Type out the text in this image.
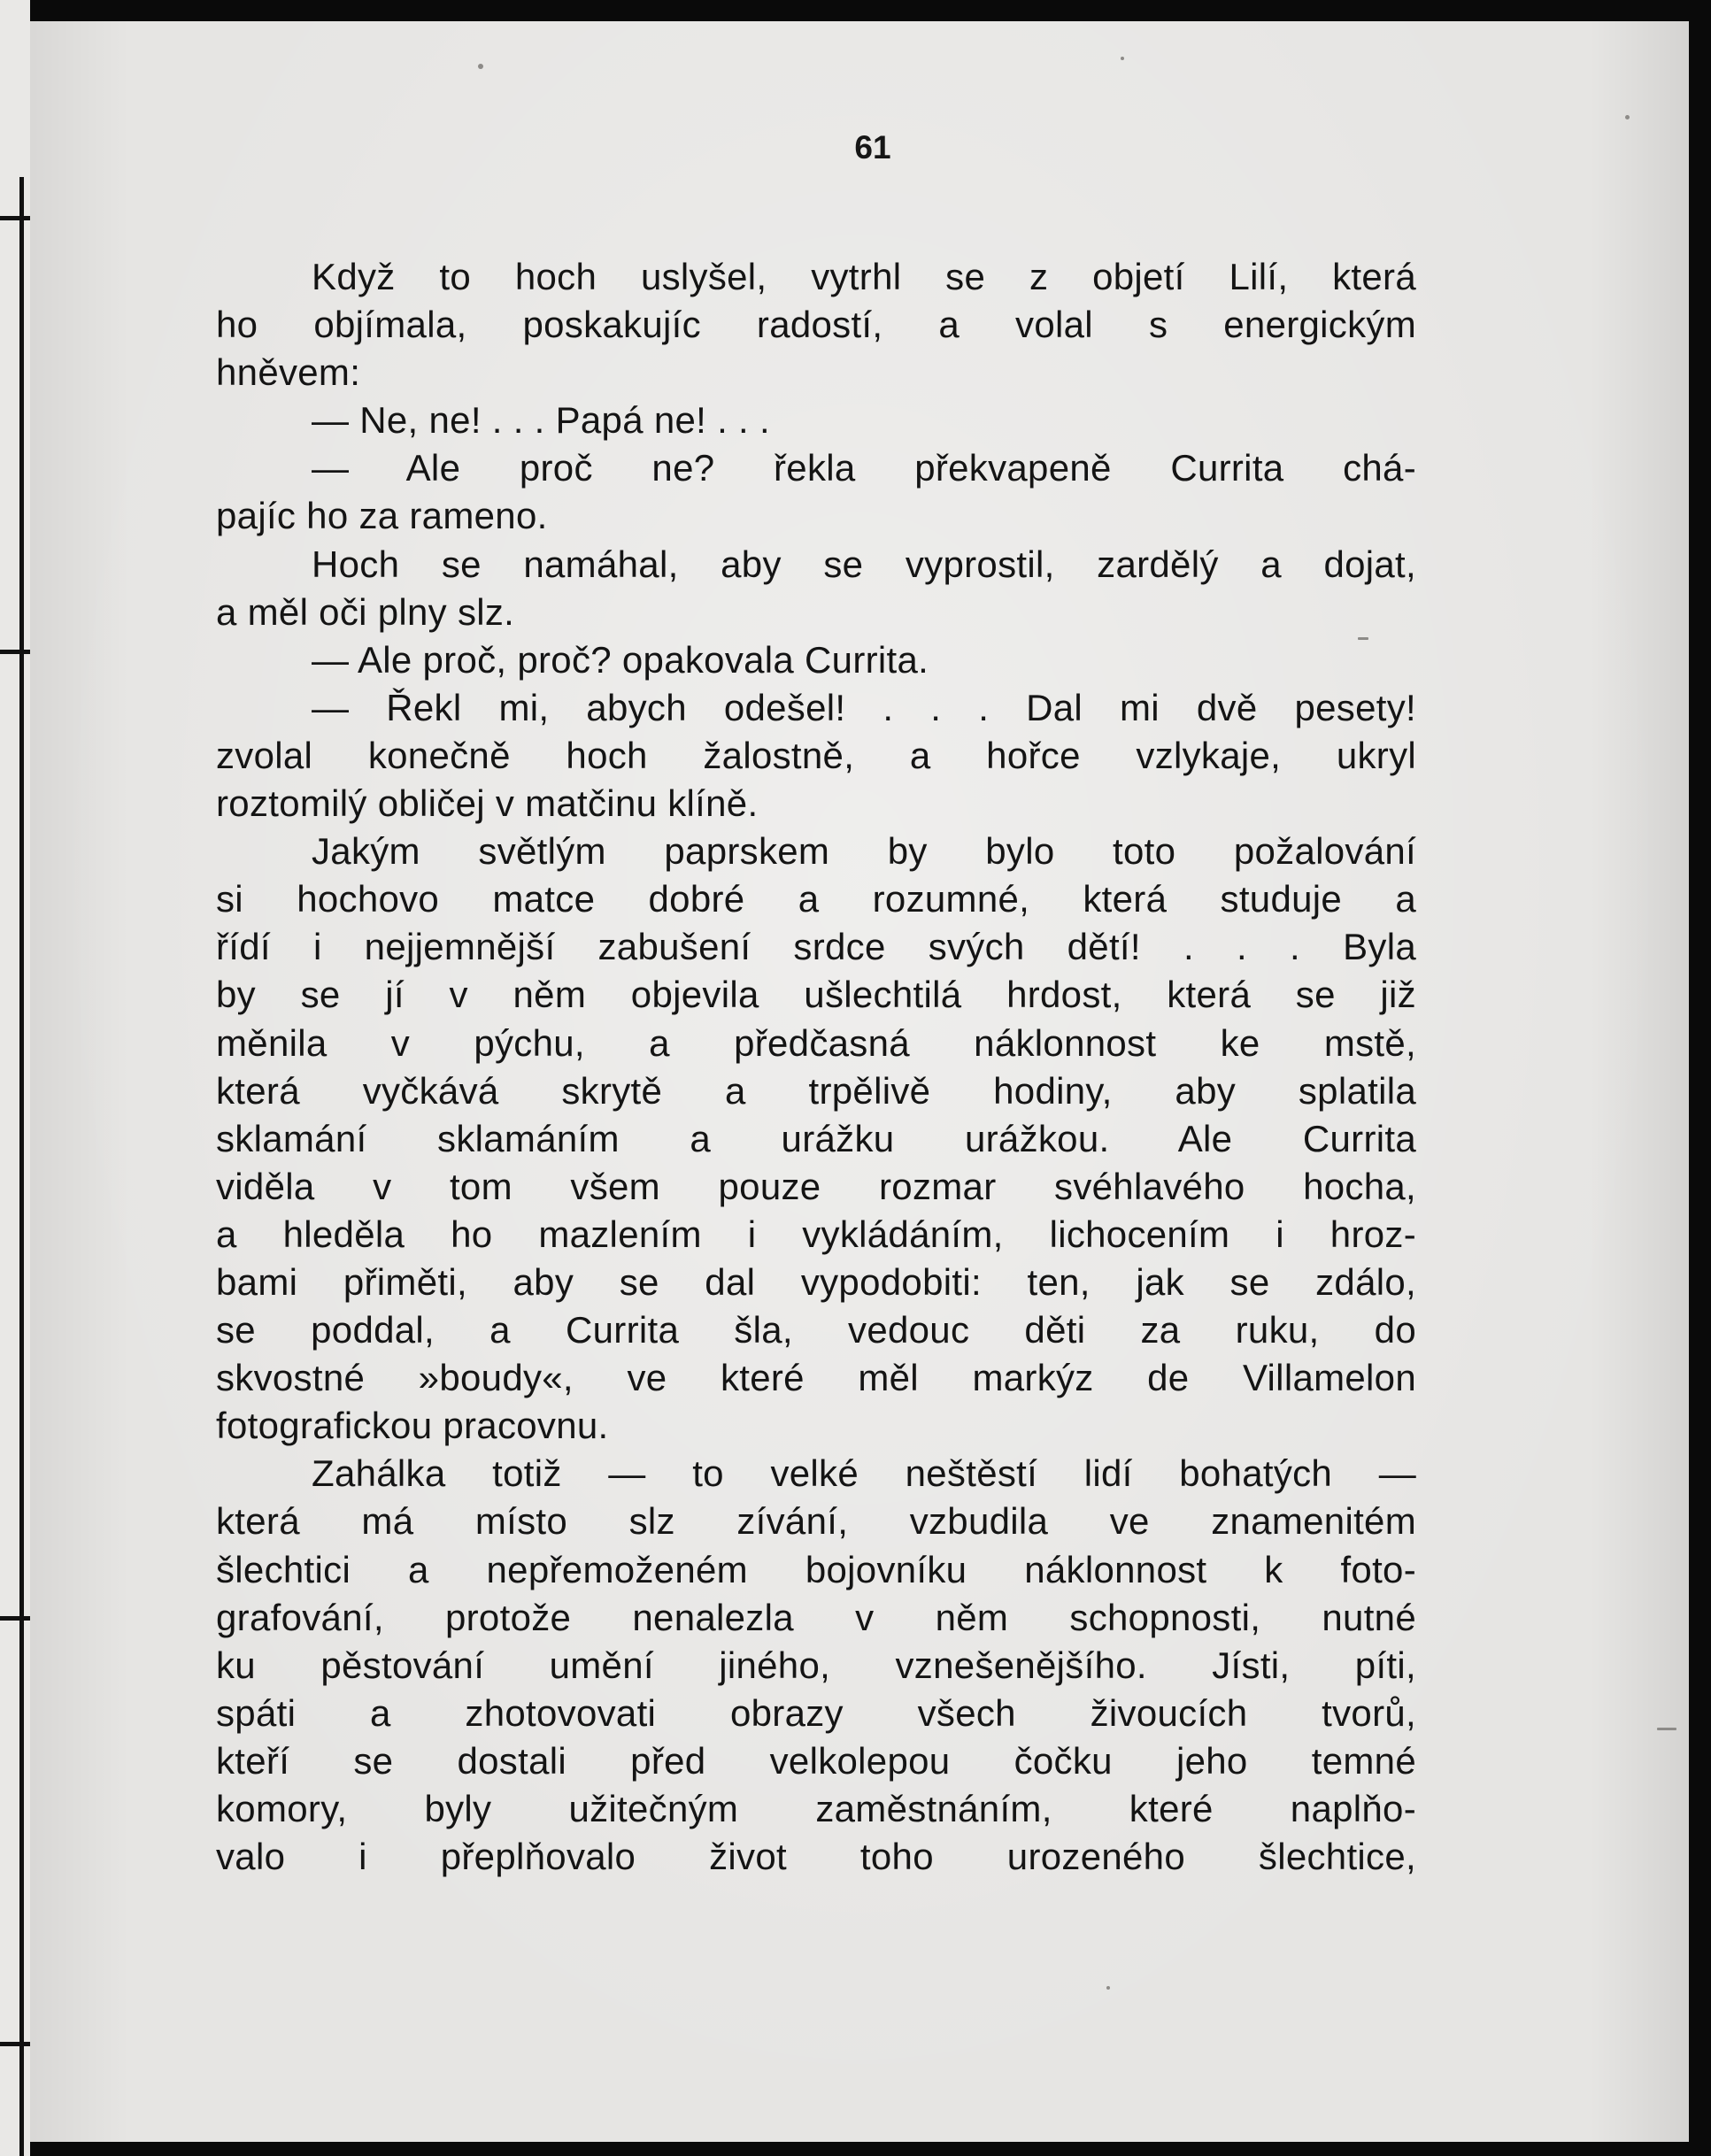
61
Když to hoch uslyšel, vytrhl se z objetí Lilí, která
ho objímala, poskakujíc radostí, a volal s energickým
hněvem:
— Ne, ne! . . . Papá ne! . . .
— Ale proč ne? řekla překvapeně Currita chá-
pajíc ho za rameno.
Hoch se namáhal, aby se vyprostil, zardělý a dojat,
a měl oči plny slz.
— Ale proč, proč? opakovala Currita.
— Řekl mi, abych odešel! . . . Dal mi dvě pesety!
zvolal konečně hoch žalostně, a hořce vzlykaje, ukryl
roztomilý obličej v matčinu klíně.
Jakým světlým paprskem by bylo toto požalování
si hochovo matce dobré a rozumné, která studuje a
řídí i nejjemnější zabušení srdce svých dětí! . . . Byla
by se jí v něm objevila ušlechtilá hrdost, která se již
měnila v pýchu, a předčasná náklonnost ke mstě,
která vyčkává skrytě a trpělivě hodiny, aby splatila
sklamání sklamáním a urážku urážkou. Ale Currita
viděla v tom všem pouze rozmar svéhlavého hocha,
a hleděla ho mazlením i vykládáním, lichocením i hroz-
bami přiměti, aby se dal vypodobiti: ten, jak se zdálo,
se poddal, a Currita šla, vedouc děti za ruku, do
skvostné »boudy«, ve které měl markýz de Villamelon
fotografickou pracovnu.
Zahálka totiž — to velké neštěstí lidí bohatých —
která má místo slz zívání, vzbudila ve znamenitém
šlechtici a nepřemoženém bojovníku náklonnost k foto-
grafování, protože nenalezla v něm schopnosti, nutné
ku pěstování umění jiného, vznešenějšího. Jísti, píti,
spáti a zhotovovati obrazy všech živoucích tvorů,
kteří se dostali před velkolepou čočku jeho temné
komory, byly užitečným zaměstnáním, které naplňo-
valo i přeplňovalo život toho urozeného šlechtice,
